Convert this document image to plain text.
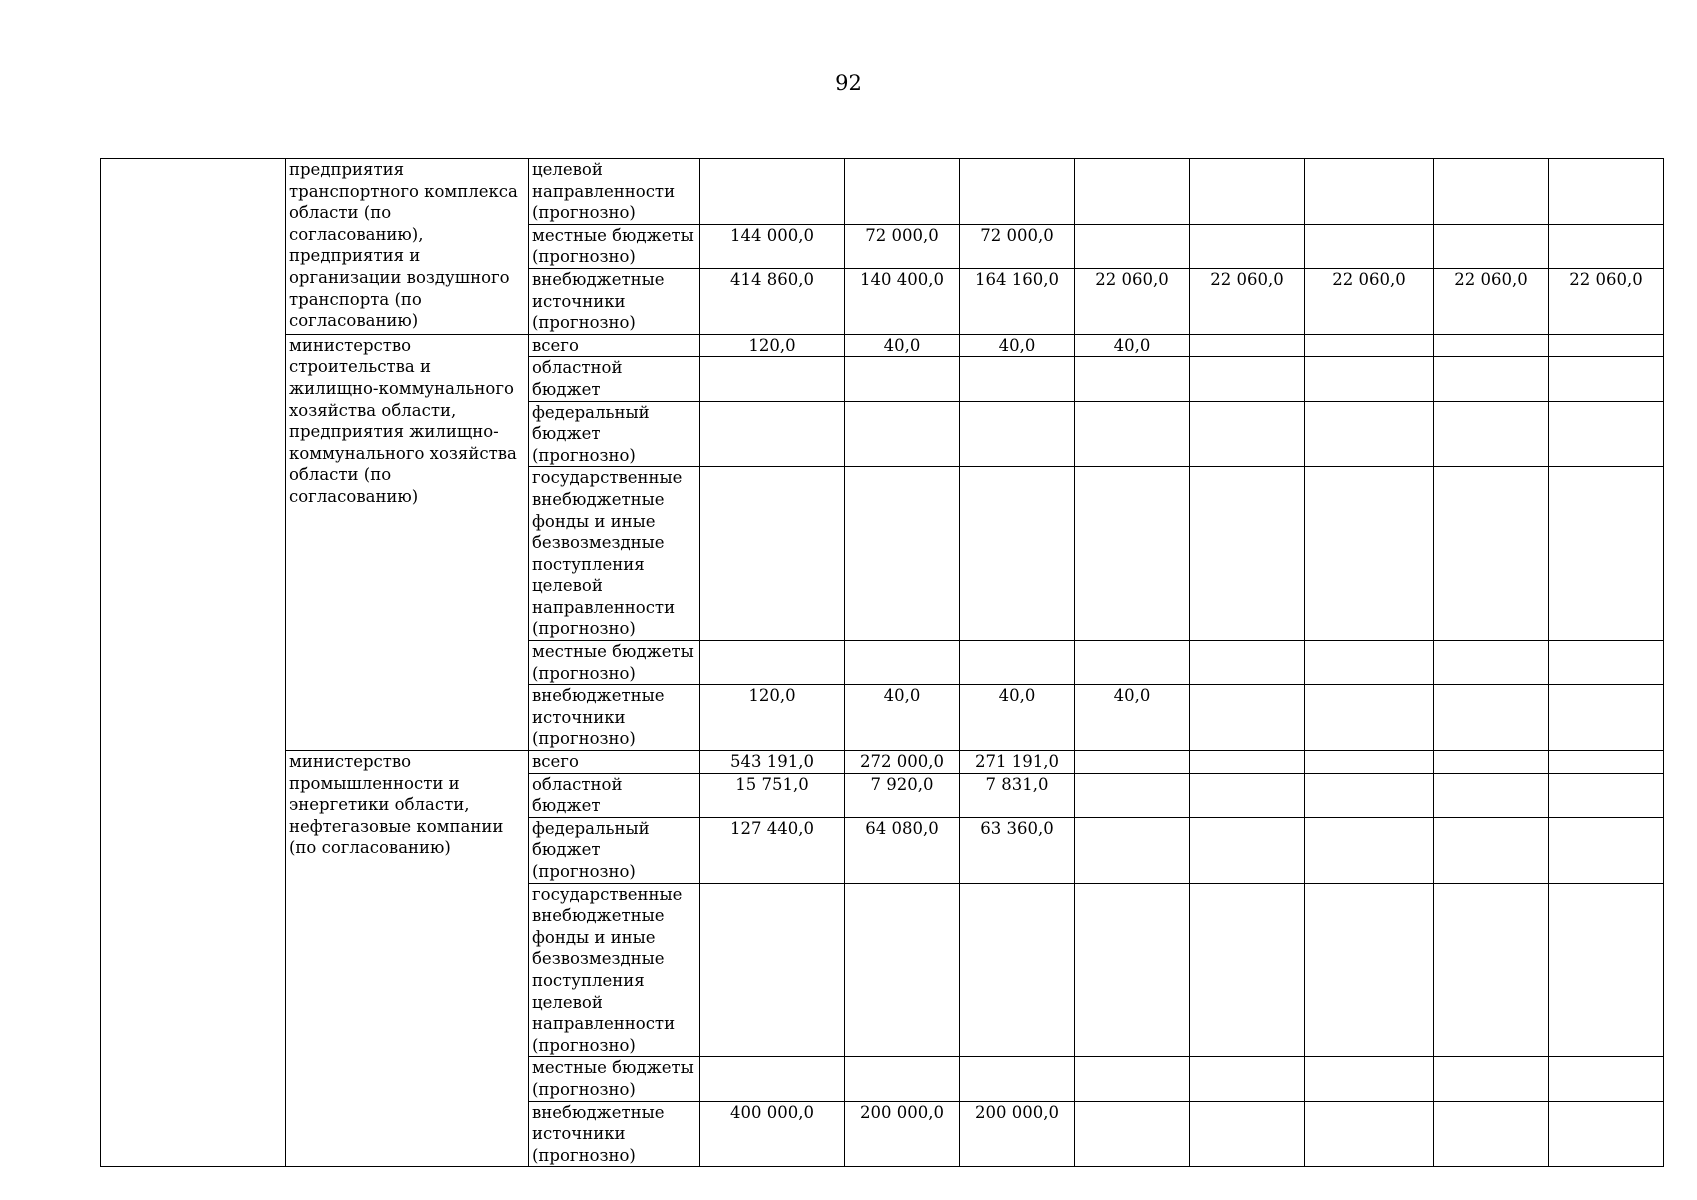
92
	предприятия транспортного комплекса области (по согласованию), предприятия и организации воздушного транспорта (по согласованию)	целевой направленности (прогнозно)								
		местные бюджеты (прогнозно)	144 000,0	72 000,0	72 000,0					
		внебюджетные источники (прогнозно)	414 860,0	140 400,0	164 160,0	22 060,0	22 060,0	22 060,0	22 060,0	22 060,0
	министерство строительства и жилищно-коммунального хозяйства области, предприятия жилищно-коммунального хозяйства области (по согласованию)	всего	120,0	40,0	40,0	40,0				
		областной бюджет								
		федеральный бюджет (прогнозно)								
		государственные внебюджетные фонды и иные безвозмездные поступления целевой направленности (прогнозно)								
		местные бюджеты (прогнозно)								
		внебюджетные источники (прогнозно)	120,0	40,0	40,0	40,0				
	министерство промышленности и энергетики области, нефтегазовые компании (по согласованию)	всего	543 191,0	272 000,0	271 191,0					
		областной бюджет	15 751,0	7 920,0	7 831,0					
		федеральный бюджет (прогнозно)	127 440,0	64 080,0	63 360,0					
		государственные внебюджетные фонды и иные безвозмездные поступления целевой направленности (прогнозно)								
		местные бюджеты (прогнозно)								
		внебюджетные источники (прогнозно)	400 000,0	200 000,0	200 000,0					
